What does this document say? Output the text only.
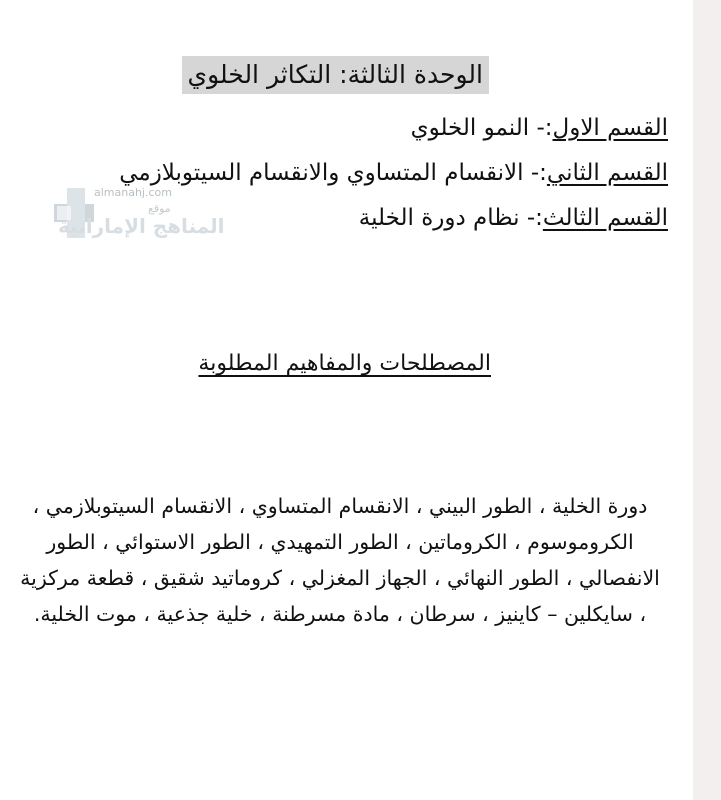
الوحدة الثالثة: التكاثر الخلوي
القسم الاول:- النمو الخلوي
القسم الثاني:- الانقسام المتساوي والانقسام السيتوبلازمي
القسم الثالث:- نظام دورة الخلية
المصطلحات والمفاهيم المطلوبة
دورة الخلية ، الطور البيني ، الانقسام المتساوي ، الانقسام السيتوبلازمي ، الكروموسوم ، الكروماتين ، الطور التمهيدي ، الطور الاستوائي ، الطور الانفصالي ، الطور النهائي ، الجهاز المغزلي ، كروماتيد شقيق ، قطعة مركزية ، سايكلين – كاينيز ، سرطان ، مادة مسرطنة ، خلية جذعية ، موت الخلية.
almanahj.com
موقع
المناهج الإماراتية
